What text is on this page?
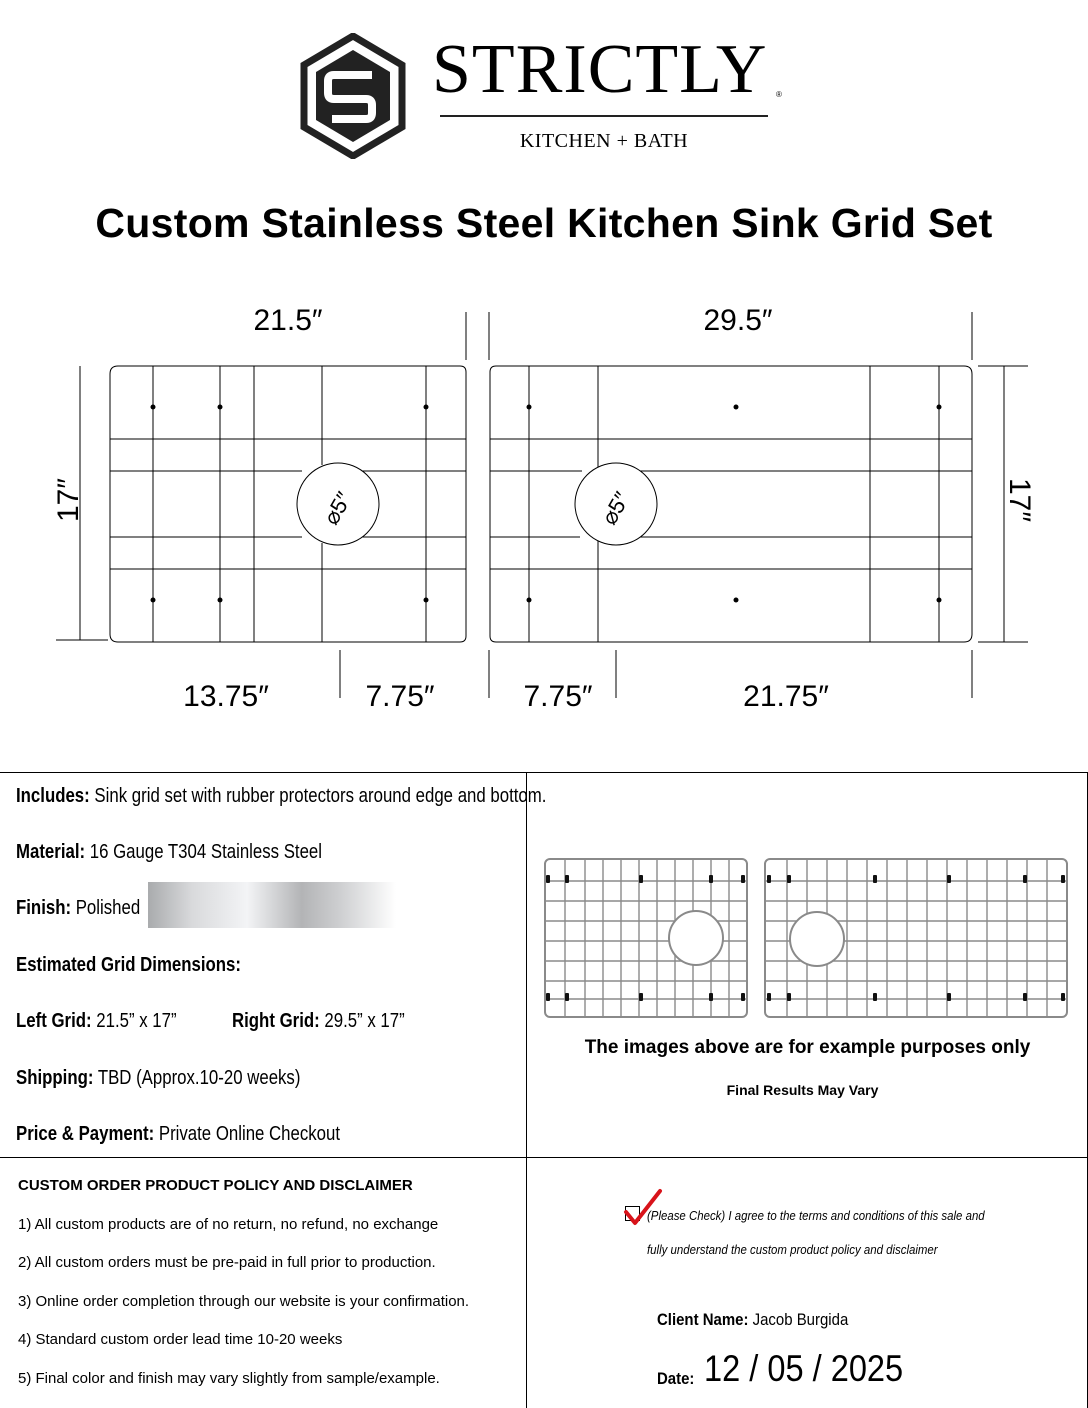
STRICTLY	®
KITCHEN + BATH
Custom Stainless Steel Kitchen Sink Grid Set
21.5″	29.5″
17″	17″
⌀5″	⌀5″
13.75″	7.75″	7.75″	21.75″
Includes: Sink grid set with rubber protectors around edge and bottom.
Material: 16 Gauge T304 Stainless Steel
Finish: Polished
Estimated Grid Dimensions:
Left Grid: 21.5” x 17”	Right Grid: 29.5” x 17”
Shipping: TBD (Approx.10-20 weeks)
Price & Payment: Private Online Checkout
The images above are for example purposes only
Final Results May Vary
CUSTOM ORDER PRODUCT POLICY AND DISCLAIMER
1) All custom products are of no return, no refund, no exchange
2) All custom orders must be pre-paid in full prior to production.
3) Online order completion through our website is your confirmation.
4) Standard custom order lead time 10-20 weeks
5) Final color and finish may vary slightly from sample/example.
(Please Check) I agree to the terms and conditions of this sale and
fully understand the custom product policy and disclaimer
Client Name: Jacob Burgida
Date: 12 / 05 / 2025
